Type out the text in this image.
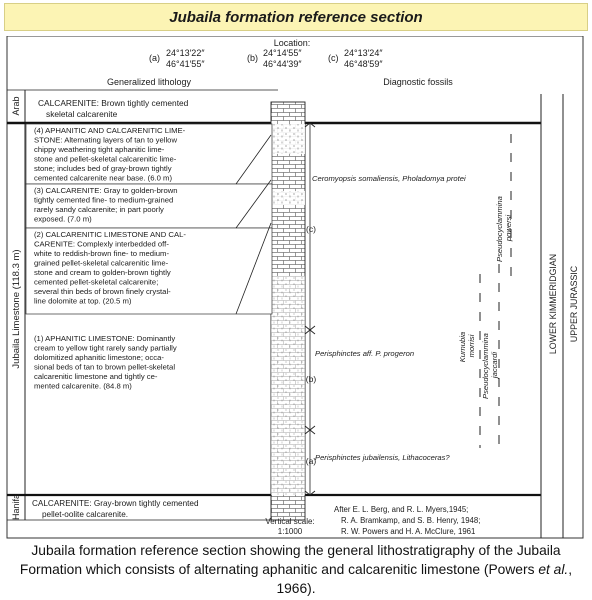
Jubaila formation reference section
Location:
(a) 24°13′22″
46°41′55″
(b) 24°14′55″
46°44′39″
(c) 24°13′24″
46°48′59″
Generalized lithology	Diagnostic fossils
Arab
Jubaila Limestone (118.3 m)
Hanifa
(c)
(b)
(a)
CALCARENITE: Brown tightly cemented skeletal calcarenite
(4) APHANITIC AND CALCARENITIC LIME- STONE: Alternating layers of tan to yellow chippy weathering tight aphanitic lime- stone and pellet-skeletal calcarenitic lime- stone; includes bed of gray-brown tightly cemented calcarenite near base. (6.0 m)
(3) CALCARENITE: Gray to golden-brown tightly cemented fine- to medium-grained rarely sandy calcarenite; in part poorly exposed. (7.0 m)
(2) CALCARENITIC LIMESTONE AND CAL- CARENITE: Complexly interbedded off- white to reddish-brown fine- to medium- grained pellet-skeletal calcarenitic lime- stone and cream to golden-brown tightly cemented pellet-skeletal calcarenite; several thin beds of brown finely crystal- line dolomite at top. (20.5 m)
(1) APHANITIC LIMESTONE: Dominantly cream to yellow tight rarely sandy partially dolomitized aphanitic limestone; occa- sional beds of tan to brown pellet-skeletal calcarenitic limestone and tightly ce- mented calcarenite. (84.8 m)
CALCARENITE: Gray-brown tightly cemented pellet-oolite calcarenite.
Ceromyopsis somaliensis, Pholadomya protei
Perisphinctes aff. P. progeron
Perisphinctes jubailensis, Lithacoceras?
Pseudocyclammina powersi
Kurnubia morrisi Pseudocyclammina jaccardi
LOWER KIMMERIDGIAN UPPER JURASSIC
Vertical scale:
1:1000
After E. L. Berg, and R. L. Myers,1945;
R. A. Bramkamp, and S. B. Henry, 1948;
R. W. Powers and H. A. McClure, 1961
Jubaila formation reference section showing the general lithostratigraphy of the Jubaila Formation which consists of alternating aphanitic and calcarenitic limestone (Powers et al., 1966).
